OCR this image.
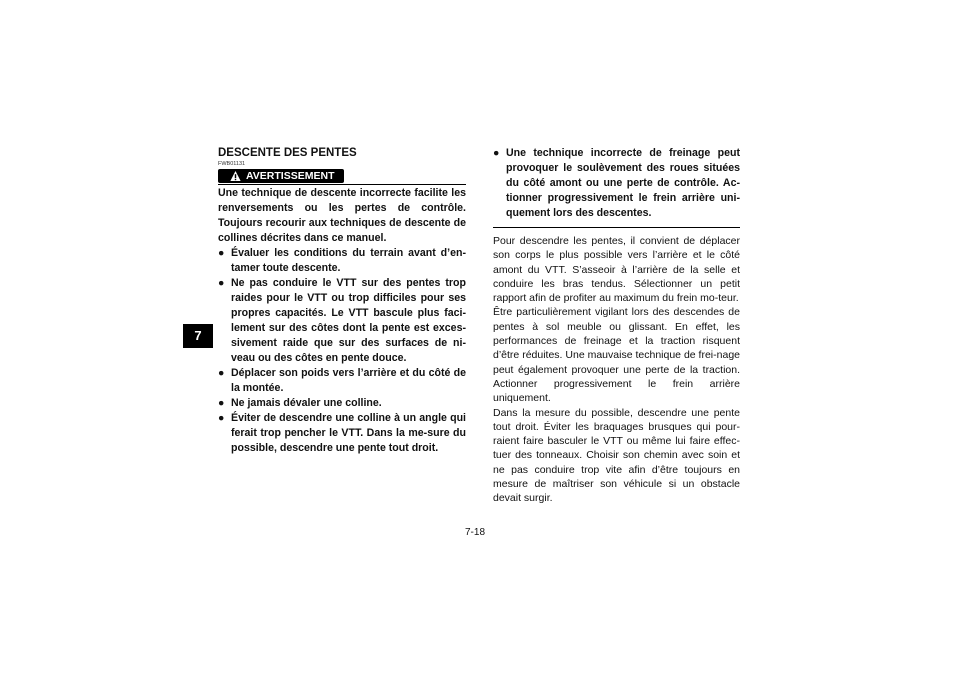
7

DESCENTE DES PENTES

FWB01131
AVERTISSEMENT

Une technique de descente incorrecte facilite les renversements ou les pertes de contrôle. Toujours recourir aux techniques de descente de collines décrites dans ce manuel.

● Évaluer les conditions du terrain avant d’en-tamer toute descente.
● Ne pas conduire le VTT sur des pentes trop raides pour le VTT ou trop difficiles pour ses propres capacités. Le VTT bascule plus faci-lement sur des côtes dont la pente est exces-sivement raide que sur des surfaces de ni-veau ou des côtes en pente douce.
● Déplacer son poids vers l’arrière et du côté de la montée.
● Ne jamais dévaler une colline.
● Éviter de descendre une colline à un angle qui ferait trop pencher le VTT. Dans la me-sure du possible, descendre une pente tout droit.
● Une technique incorrecte de freinage peut provoquer le soulèvement des roues situées du côté amont ou une perte de contrôle. Ac-tionner progressivement le frein arrière uni-quement lors des descentes.

Pour descendre les pentes, il convient de déplacer son corps le plus possible vers l’arrière et le côté amont du VTT. S’asseoir à l’arrière de la selle et conduire les bras tendus. Sélectionner un petit rapport afin de profiter au maximum du frein mo-teur.

Être particulièrement vigilant lors des descendes de pentes à sol meuble ou glissant. En effet, les performances de freinage et la traction risquent d’être réduites. Une mauvaise technique de frei-nage peut également provoquer une perte de la traction. Actionner progressivement le frein arrière uniquement.

Dans la mesure du possible, descendre une pente tout droit. Éviter les braquages brusques qui pour-raient faire basculer le VTT ou même lui faire effec-tuer des tonneaux. Choisir son chemin avec soin et ne pas conduire trop vite afin d’être toujours en mesure de maîtriser son véhicule si un obstacle devait surgir.

7-18
